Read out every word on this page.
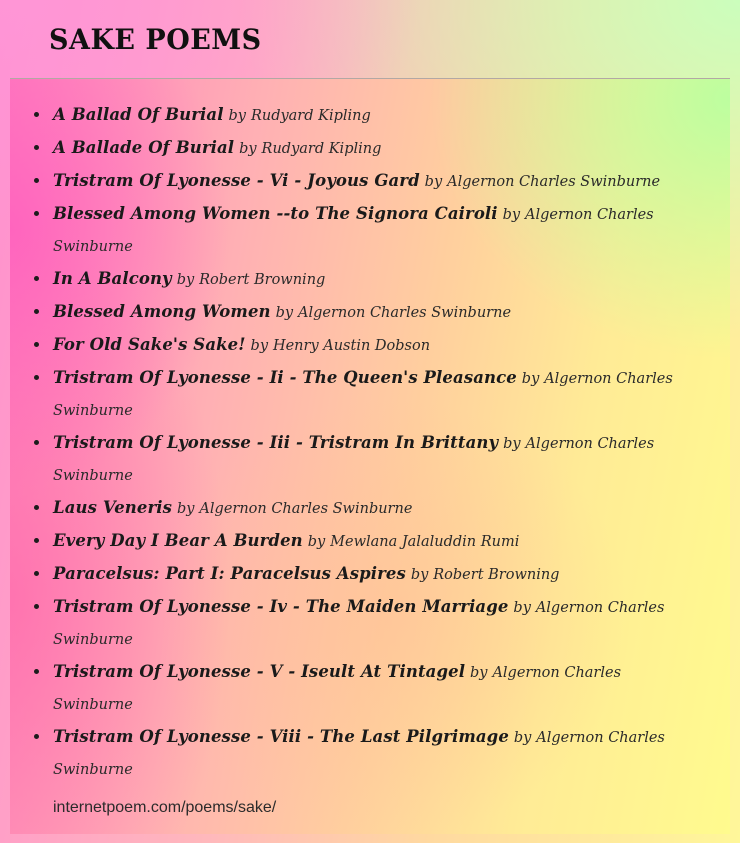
SAKE POEMS
A Ballad Of Burial by Rudyard Kipling
A Ballade Of Burial by Rudyard Kipling
Tristram Of Lyonesse - Vi - Joyous Gard by Algernon Charles Swinburne
Blessed Among Women --to The Signora Cairoli by Algernon Charles Swinburne
In A Balcony by Robert Browning
Blessed Among Women by Algernon Charles Swinburne
For Old Sake's Sake! by Henry Austin Dobson
Tristram Of Lyonesse - Ii - The Queen's Pleasance by Algernon Charles Swinburne
Tristram Of Lyonesse - Iii - Tristram In Brittany by Algernon Charles Swinburne
Laus Veneris by Algernon Charles Swinburne
Every Day I Bear A Burden by Mewlana Jalaluddin Rumi
Paracelsus: Part I: Paracelsus Aspires by Robert Browning
Tristram Of Lyonesse - Iv - The Maiden Marriage by Algernon Charles Swinburne
Tristram Of Lyonesse - V - Iseult At Tintagel by Algernon Charles Swinburne
Tristram Of Lyonesse - Viii - The Last Pilgrimage by Algernon Charles Swinburne
internetpoem.com/poems/sake/
